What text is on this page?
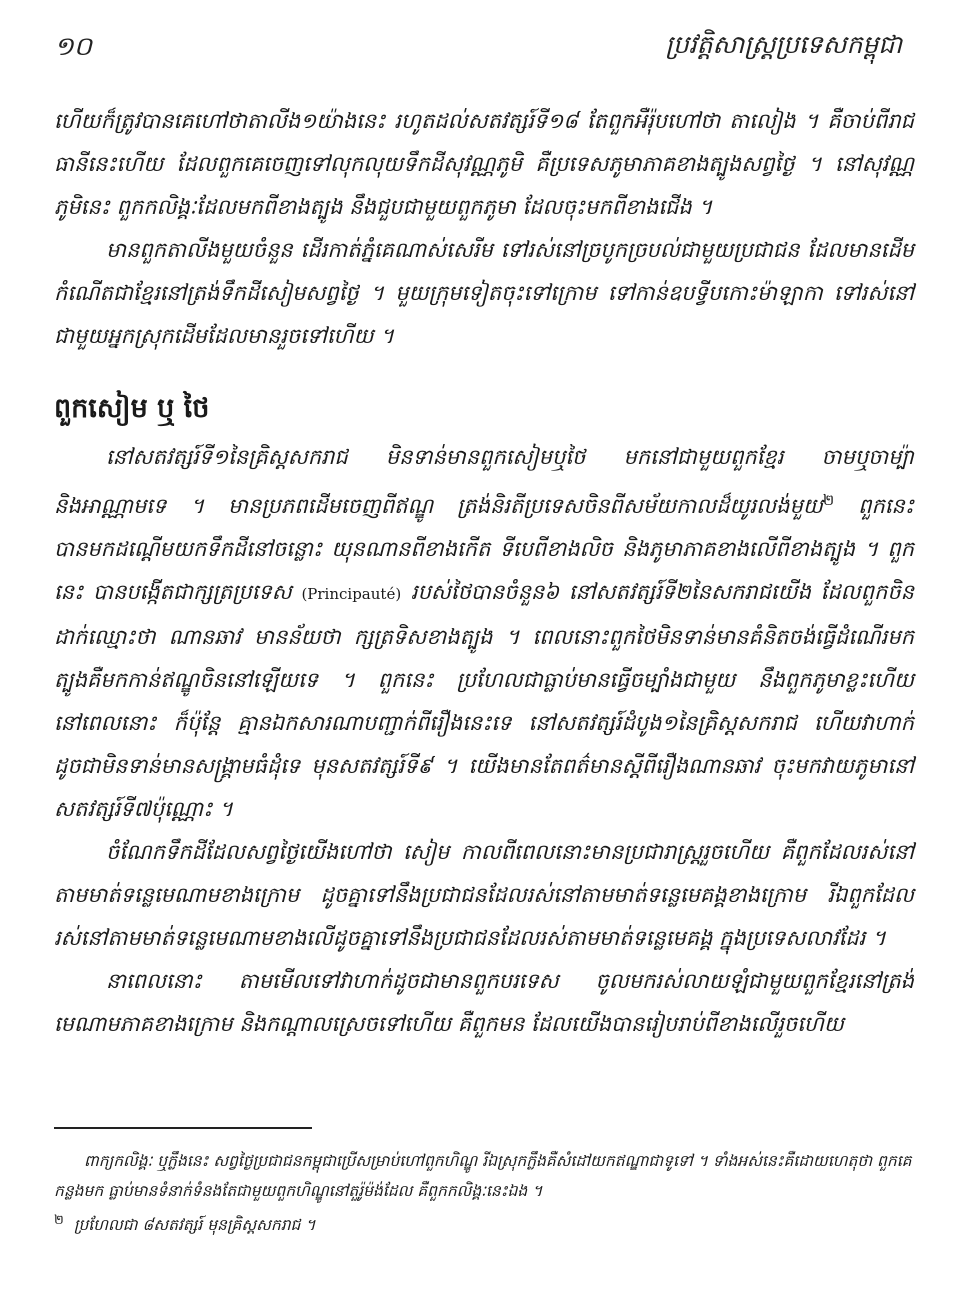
១០	ប្រវត្តិសាស្ត្រប្រទេសកម្ពុជា

ហើយក៏ត្រូវបានគេហៅថាតាលីង១យ៉ាងនេះ រហូតដល់សតវត្សរ៍ទី១៨ តែពួកអឺរ៉ុបហៅថា តាលៀង ។ គឺចាប់ពីរាជធានីនេះហើយ ដែលពួកគេចេញទៅលុកលុយទឹកដីសុវណ្ណភូមិ គឺប្រទេសភូមាភាគខាងត្បូងសព្វថ្ងៃ ។ នៅសុវណ្ណភូមិនេះ ពួកកលិង្គៈដែលមកពីខាងត្បូង នឹងជួបជាមួយពួកភូមា ដែលចុះមកពីខាងជើង ។

មានពួកតាលីងមួយចំនួន ដើរកាត់ភ្នំគេណាស់សេរីម ទៅរស់នៅច្របូកច្របល់ជាមួយប្រជាជន ដែលមានដើមកំណើតជាខ្មែរនៅត្រង់ទឹកដីសៀមសព្វថ្ងៃ ។ មួយក្រុមទៀតចុះទៅក្រោម ទៅកាន់ឧបទ្វីបកោះម៉ាឡាកា ទៅរស់នៅជាមួយអ្នកស្រុកដើមដែលមានរួចទៅហើយ ។

ពួកសៀម ឬ ថៃ

នៅសតវត្សរ៍ទី១នៃគ្រិស្តសករាជ មិនទាន់មានពួកសៀមឬថៃ មកនៅជាមួយពួកខ្មែរ ចាមឬចាម្ប៉ា និងអាណ្ណាមទេ ។ មានប្រភពដើមចេញពីឥណ្ឌូ ត្រង់និរតីប្រទេសចិនពីសម័យកាលដ៏យូរលង់មួយ$^២$ ពួកនេះ បានមកដណ្តើមយកទឹកដីនៅចន្លោះ យុនណានពីខាងកើត ទីបេពីខាងលិច និងភូមាភាគខាងលើពីខាងត្បូង ។ ពួកនេះ បានបង្កើតជាក្សត្រប្រទេស (Principauté) របស់ថៃបានចំនួន៦ នៅសតវត្សរ៍ទី២នៃសករាជយើង ដែលពួកចិនដាក់ឈ្មោះថា ណានឆាវ មានន័យថា ក្សត្រទិសខាងត្បូង ។ ពេលនោះពួកថៃមិនទាន់មានគំនិតចង់ធ្វើដំណើរមកត្បូងគឺមកកាន់ឥណ្ឌូចិននៅឡើយទេ ។ ពួកនេះ ប្រហែលជាធ្លាប់មានធ្វើចម្បាំងជាមួយ នឹងពួកភូមាខ្លះហើយនៅពេលនោះ ក៏ប៉ុន្តែ គ្មានឯកសារណាបញ្ជាក់ពីរឿងនេះទេ នៅសតវត្សរ៍ដំបូង១នៃគ្រិស្តសករាជ ហើយវាហាក់ដូចជាមិនទាន់មានសង្គ្រាមធំដុំទេ មុនសតវត្សរ៍ទី៩ ។ យើងមានតែពត៌មានស្តីពីរឿងណានឆាវ ចុះមកវាយភូមានៅសតវត្សរ៍ទី៧ប៉ុណ្ណោះ ។

ចំណែកទឹកដីដែលសព្វថ្ងៃយើងហៅថា សៀម កាលពីពេលនោះមានប្រជារាស្ត្ររួចហើយ គឺពួកដែលរស់នៅតាមមាត់ទន្លេមេណាមខាងក្រោម ដូចគ្នាទៅនឹងប្រជាជនដែលរស់នៅតាមមាត់ទន្លេមេគង្គខាងក្រោម រីឯពួកដែលរស់នៅតាមមាត់ទន្លេមេណាមខាងលើដូចគ្នាទៅនឹងប្រជាជនដែលរស់តាមមាត់ទន្លេមេគង្គ ក្នុងប្រទេសលាវដែរ ។

នាពេលនោះ តាមមើលទៅវាហាក់ដូចជាមានពួកបរទេស ចូលមករស់លាយឡំជាមួយពួកខ្មែរនៅត្រង់មេណាមភាគខាងក្រោម និងកណ្តាលស្រេចទៅហើយ គឺពួកមន ដែលយើងបានរៀបរាប់ពីខាងលើរួចហើយ

ពាក្យកលិង្គៈ ឬក្លឹងនេះ សព្វថ្ងៃប្រជាជនកម្ពុជាប្រើសម្រាប់ហៅពួកហិណ្ឌូ រីឯស្រុកក្លឹងគឺសំដៅយកឥណ្ឌាជាទូទៅ ។ ទាំងអស់នេះគឺដោយហេតុថា ពួកគេកន្លងមក ធ្លាប់មានទំនាក់ទំនងតែជាមួយពួកហិណ្ឌូនៅតួរ៉ូម៉ង់ដែល គឺពួកកលិង្គៈនេះឯង ។

$^២$ ប្រហែលជា ៨សតវត្សរ៍ មុនគ្រិស្តសករាជ ។
